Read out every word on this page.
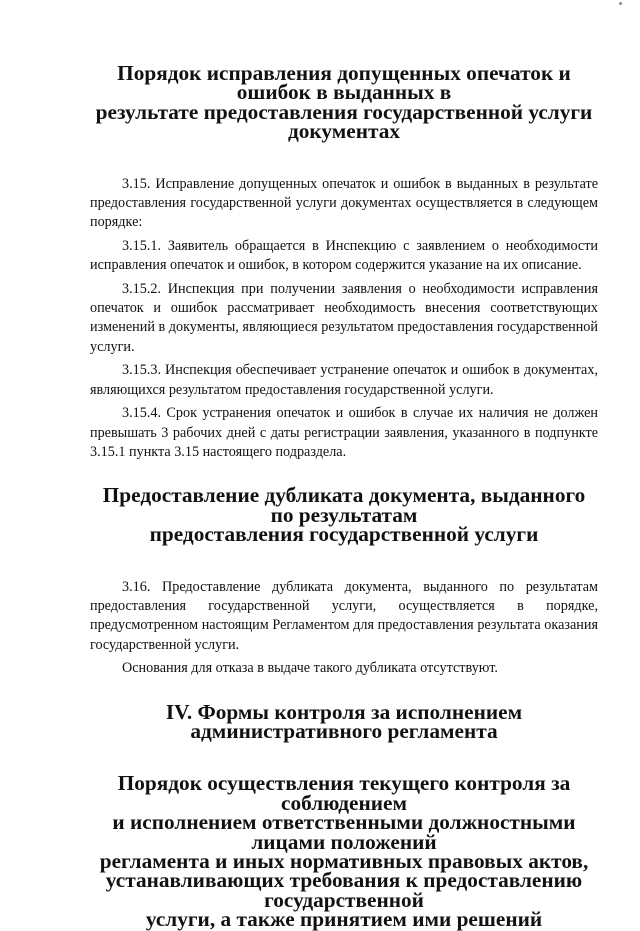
Порядок исправления допущенных опечаток и ошибок в выданных в
результате предоставления государственной услуги документах

3.15. Исправление допущенных опечаток и ошибок в выданных в результате предоставления государственной услуги документах осуществляется в следующем порядке:

3.15.1. Заявитель обращается в Инспекцию с заявлением о необходимости исправления опечаток и ошибок, в котором содержится указание на их описание.

3.15.2. Инспекция при получении заявления о необходимости исправления опечаток и ошибок рассматривает необходимость внесения соответствующих изменений в документы, являющиеся результатом предоставления государственной услуги.

3.15.3. Инспекция обеспечивает устранение опечаток и ошибок в документах, являющихся результатом предоставления государственной услуги.

3.15.4. Срок устранения опечаток и ошибок в случае их наличия не должен превышать 3 рабочих дней с даты регистрации заявления, указанного в подпункте 3.15.1 пункта 3.15 настоящего подраздела.

Предоставление дубликата документа, выданного по результатам
предоставления государственной услуги

3.16. Предоставление дубликата документа, выданного по результатам предоставления государственной услуги, осуществляется в порядке, предусмотренном настоящим Регламентом для предоставления результата оказания государственной услуги.

Основания для отказа в выдаче такого дубликата отсутствуют.

IV. Формы контроля за исполнением административного регламента
Порядок осуществления текущего контроля за соблюдением
и исполнением ответственными должностными лицами положений
регламента и иных нормативных правовых актов,
устанавливающих требования к предоставлению государственной
услуги, а также принятием ими решений
